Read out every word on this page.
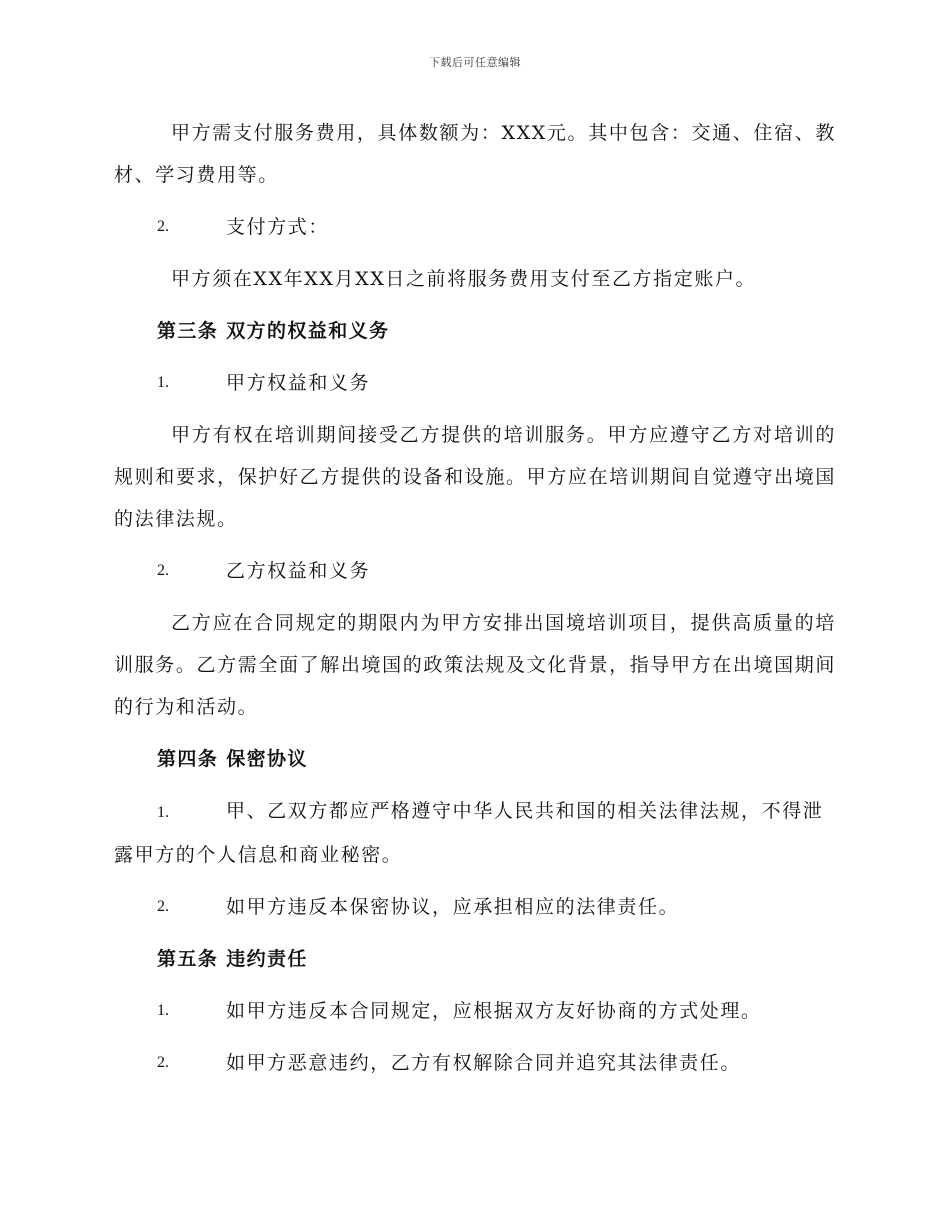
下载后可任意编辑

甲方需支付服务费用，具体数额为：XXX元。其中包含：交通、住宿、教材、学习费用等。

2.	支付方式：

甲方须在XX年XX月XX日之前将服务费用支付至乙方指定账户。

第三条 双方的权益和义务
1.	甲方权益和义务

甲方有权在培训期间接受乙方提供的培训服务。甲方应遵守乙方对培训的规则和要求，保护好乙方提供的设备和设施。甲方应在培训期间自觉遵守出境国的法律法规。

2.	乙方权益和义务

乙方应在合同规定的期限内为甲方安排出国境培训项目，提供高质量的培训服务。乙方需全面了解出境国的政策法规及文化背景，指导甲方在出境国期间的行为和活动。

第四条 保密协议
1.	甲、乙双方都应严格遵守中华人民共和国的相关法律法规，不得泄露甲方的个人信息和商业秘密。
2.	如甲方违反本保密协议，应承担相应的法律责任。
第五条 违约责任
1.	如甲方违反本合同规定，应根据双方友好协商的方式处理。
2.	如甲方恶意违约，乙方有权解除合同并追究其法律责任。
